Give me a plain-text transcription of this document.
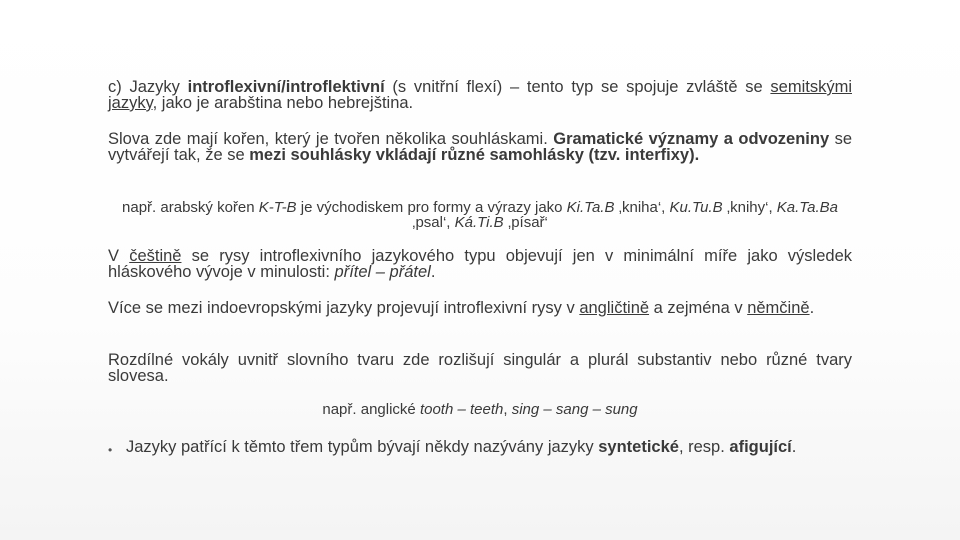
c) Jazyky introflexivní/introflektivní (s vnitřní flexí) – tento typ se spojuje zvláště se semitskými jazyky, jako je arabština nebo hebrejština.

Slova zde mají kořen, který je tvořen několika souhláskami. Gramatické významy a odvozeniny se vytvářejí tak, že se mezi souhlásky vkládají různé samohlásky (tzv. interfixy).

např. arabský kořen K-T-B je východiskem pro formy a výrazy jako Ki.Ta.B ‚kniha‘, Ku.Tu.B ‚knihy‘, Ka.Ta.Ba ‚psal‘, Ká.Ti.B ‚písař‘

V češtině se rysy introflexivního jazykového typu objevují jen v minimální míře jako výsledek hláskového vývoje v minulosti: přítel – přátel.

Více se mezi indoevropskými jazyky projevují introflexivní rysy v angličtině a zejména v němčině.

Rozdílné vokály uvnitř slovního tvaru zde rozlišují singulár a plurál substantiv nebo různé tvary slovesa.

např. anglické tooth – teeth, sing – sang – sung

• Jazyky patřící k těmto třem typům bývají někdy nazývány jazyky syntetické, resp. afigující.
